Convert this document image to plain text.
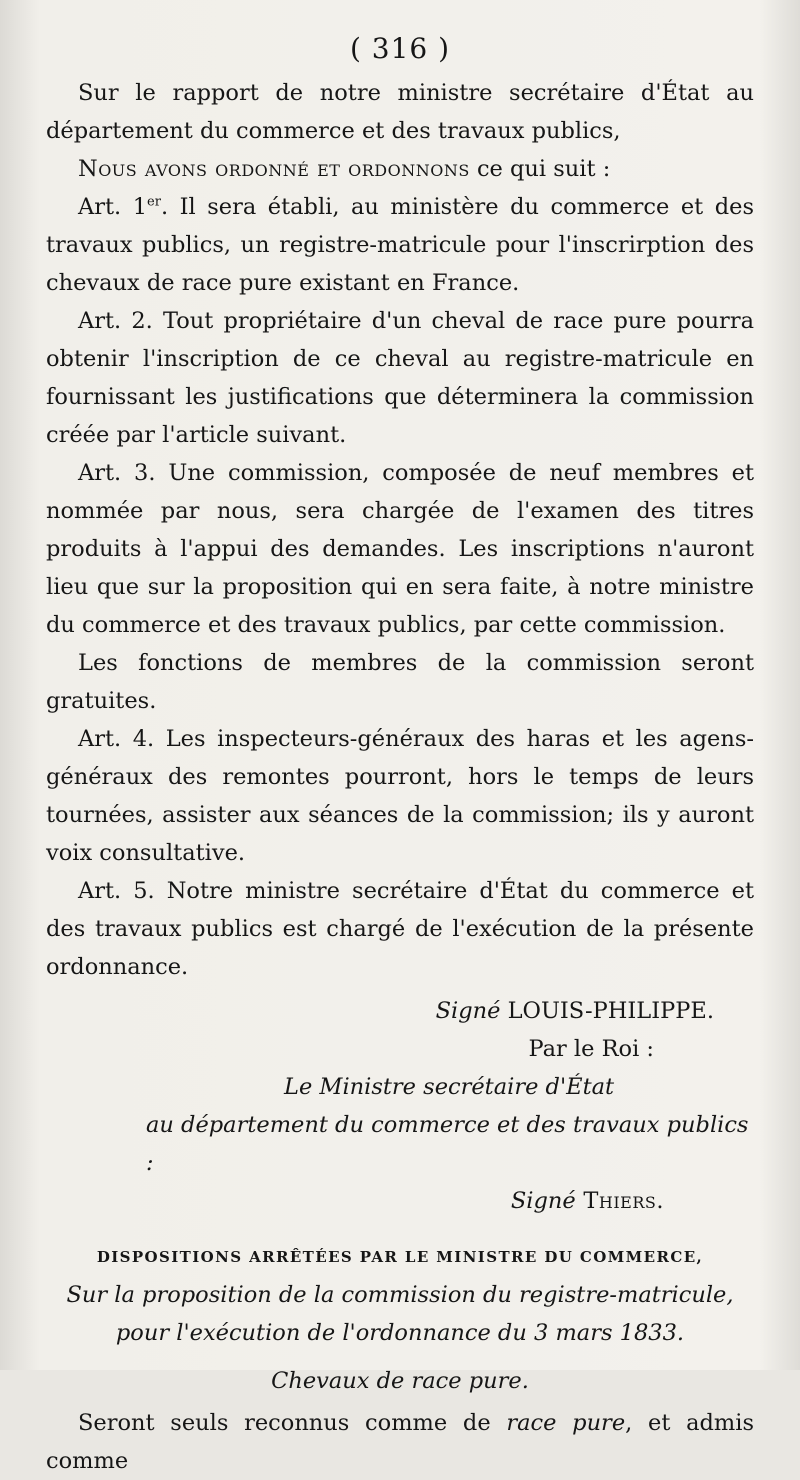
( 316 )

Sur le rapport de notre ministre secrétaire d'État au département du commerce et des travaux publics,

Nous avons ordonné et ordonnons ce qui suit :

Art. 1er. Il sera établi, au ministère du commerce et des travaux publics, un registre-matricule pour l'inscrirption des chevaux de race pure existant en France.

Art. 2. Tout propriétaire d'un cheval de race pure pourra obtenir l'inscription de ce cheval au registre-matricule en fournissant les justifications que déterminera la commission créée par l'article suivant.

Art. 3. Une commission, composée de neuf membres et nommée par nous, sera chargée de l'examen des titres produits à l'appui des demandes. Les inscriptions n'auront lieu que sur la proposition qui en sera faite, à notre ministre du commerce et des travaux publics, par cette commission.

Les fonctions de membres de la commission seront gratuites.

Art. 4. Les inspecteurs-généraux des haras et les agens-généraux des remontes pourront, hors le temps de leurs tournées, assister aux séances de la commission; ils y auront voix consultative.

Art. 5. Notre ministre secrétaire d'État du commerce et des travaux publics est chargé de l'exécution de la présente ordonnance.

Signé LOUIS-PHILIPPE.
Par le Roi :
Le Ministre secrétaire d'État
au département du commerce et des travaux publics :
Signé Thiers.
DISPOSITIONS ARRÊTÉES PAR LE MINISTRE DU COMMERCE,
Sur la proposition de la commission du registre-matricule,
pour l'exécution de l'ordonnance du 3 mars 1833.
Chevaux de race pure.

Seront seuls reconnus comme de race pure, et admis comme
